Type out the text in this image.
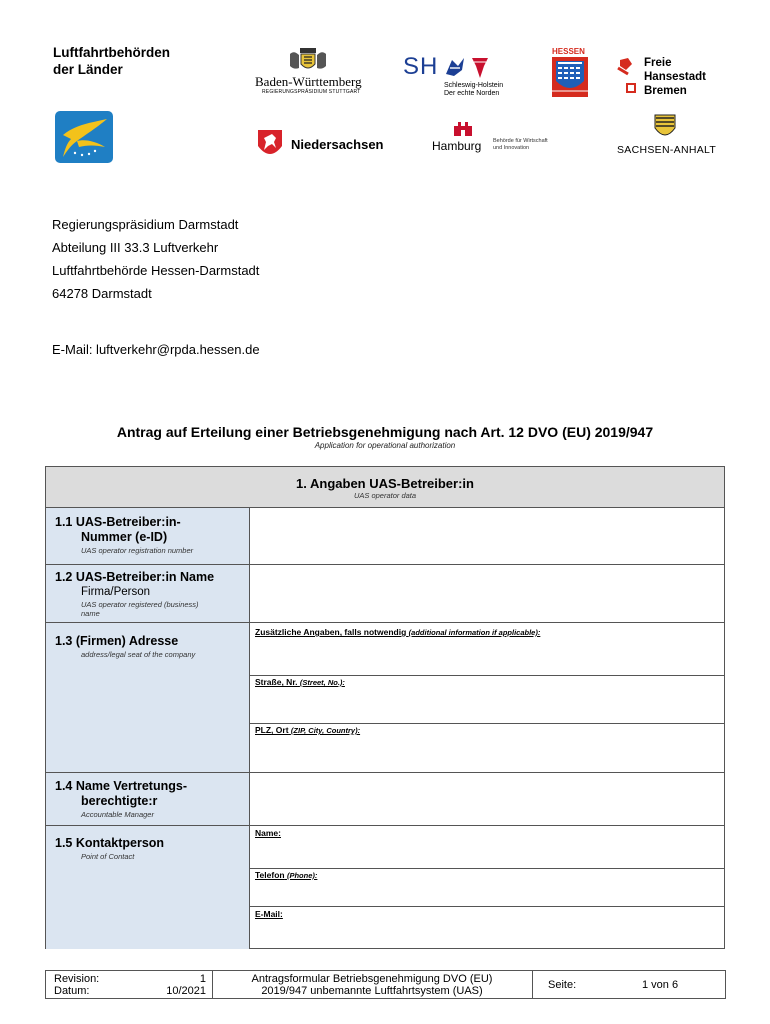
Luftfahrtbehörden
der Länder
Baden-Württemberg
REGIERUNGSPRÄSIDIUM STUTTGART
SH
Schleswig-Holstein
Der echte Norden
HESSEN
Freie
Hansestadt
Bremen
Niedersachsen	Hamburg Behörde für Wirtschaft
und Innovation	SACHSEN-ANHALT
Regierungspräsidium Darmstadt
Abteilung III 33.3 Luftverkehr
Luftfahrtbehörde Hessen-Darmstadt
64278 Darmstadt
E-Mail: luftverkehr@rpda.hessen.de
Antrag auf Erteilung einer Betriebsgenehmigung nach Art. 12 DVO (EU) 2019/947
Application for operational authorization
1. Angaben UAS-Betreiber:in
UAS operator data
1.1 UAS-Betreiber:in-
Nummer (e-ID)
UAS operator registration number
1.2 UAS-Betreiber:in Name
Firma/Person
UAS operator registered (business)
name
1.3 (Firmen) Adresse
address/legal seat of the company
Zusätzliche Angaben, falls notwendig (additional information if applicable):
Straße, Nr. (Street, No.):
PLZ, Ort (ZIP, City, Country):
1.4 Name Vertretungs-
berechtigte:r
Accountable Manager
1.5 Kontaktperson
Point of Contact
Name:
Telefon (Phone):
E-Mail:
Revision:	1
Datum:	10/2021
Antragsformular Betriebsgenehmigung DVO (EU)
2019/947 unbemannte Luftfahrtsystem (UAS)	Seite:	1 von 6
